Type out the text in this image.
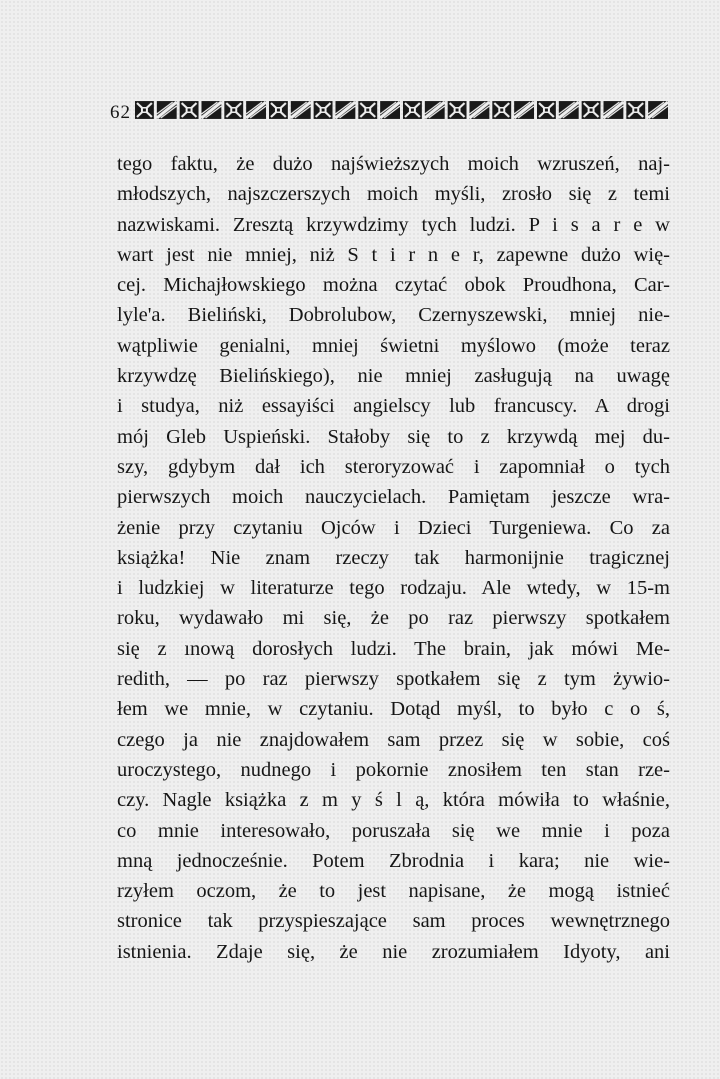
62
tego faktu, że dużo najświeższych moich wzruszeń, naj-
młodszych, najszczerszych moich myśli, zrosło się z temi
nazwiskami. Zresztą krzywdzimy tych ludzi. P i s a r e w
wart jest nie mniej, niż S t i r n e r, zapewne dużo wię-
cej. Michajłowskiego można czytać obok Proudhona, Car-
lyle'a. Bieliński, Dobrolubow, Czernyszewski, mniej nie-
wątpliwie genialni, mniej świetni myślowo (może teraz
krzywdzę Bielińskiego), nie mniej zasługują na uwagę
i studya, niż essayiści angielscy lub francuscy. A drogi
mój Gleb Uspieński. Stałoby się to z krzywdą mej du-
szy, gdybym dał ich steroryzować i zapomniał o tych
pierwszych moich nauczycielach. Pamiętam jeszcze wra-
żenie przy czytaniu Ojców i Dzieci Turgeniewa. Co za
książka! Nie znam rzeczy tak harmonijnie tragicznej
i ludzkiej w literaturze tego rodzaju. Ale wtedy, w 15-m
roku, wydawało mi się, że po raz pierwszy spotkałem
się z ınową dorosłych ludzi. The brain, jak mówi Me-
redith, — po raz pierwszy spotkałem się z tym żywio-
łem we mnie, w czytaniu. Dotąd myśl, to było c o ś,
czego ja nie znajdowałem sam przez się w sobie, coś
uroczystego, nudnego i pokornie znosiłem ten stan rze-
czy. Nagle książka z m y ś l ą, która mówiła to właśnie,
co mnie interesowało, poruszała się we mnie i poza
mną jednocześnie. Potem Zbrodnia i kara; nie wie-
rzyłem oczom, że to jest napisane, że mogą istnieć
stronice tak przyspieszające sam proces wewnętrznego
istnienia. Zdaje się, że nie zrozumiałem Idyoty, ani
